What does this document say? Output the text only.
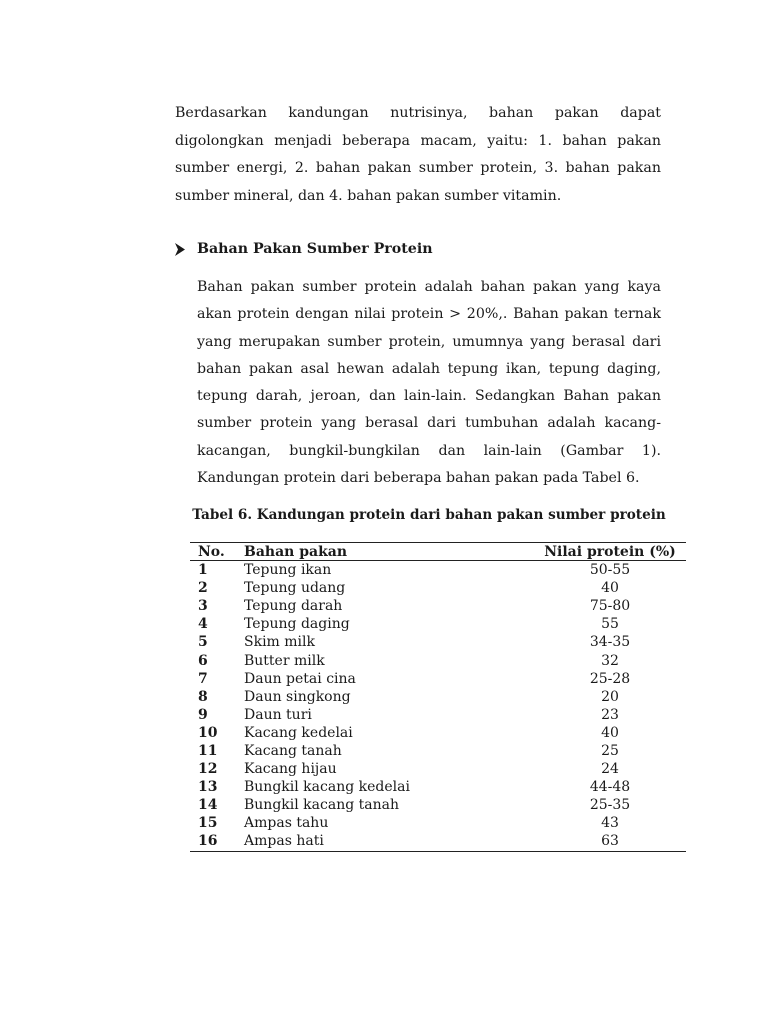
Berdasarkan kandungan nutrisinya, bahan pakan dapat digolongkan menjadi beberapa macam, yaitu: 1. bahan pakan sumber energi, 2. bahan pakan sumber protein, 3. bahan pakan sumber mineral, dan 4. bahan pakan sumber vitamin.

Bahan Pakan Sumber Protein

Bahan pakan sumber protein adalah bahan pakan yang kaya akan protein dengan nilai protein > 20%,. Bahan pakan ternak yang merupakan sumber protein, umumnya yang berasal dari bahan pakan asal hewan adalah tepung ikan, tepung daging, tepung darah, jeroan, dan lain-lain. Sedangkan Bahan pakan sumber protein yang berasal dari tumbuhan adalah kacang-kacangan, bungkil-bungkilan dan lain-lain (Gambar 1). Kandungan protein dari beberapa bahan pakan pada Tabel 6.

Tabel 6. Kandungan protein dari bahan pakan sumber protein
No.	Bahan pakan	Nilai protein (%)
1	Tepung ikan	50-55
2	Tepung udang	40
3	Tepung darah	75-80
4	Tepung daging	55
5	Skim milk	34-35
6	Butter milk	32
7	Daun petai cina	25-28
8	Daun singkong	20
9	Daun turi	23
10	Kacang kedelai	40
11	Kacang tanah	25
12	Kacang hijau	24
13	Bungkil kacang kedelai	44-48
14	Bungkil kacang tanah	25-35
15	Ampas tahu	43
16	Ampas hati	63
